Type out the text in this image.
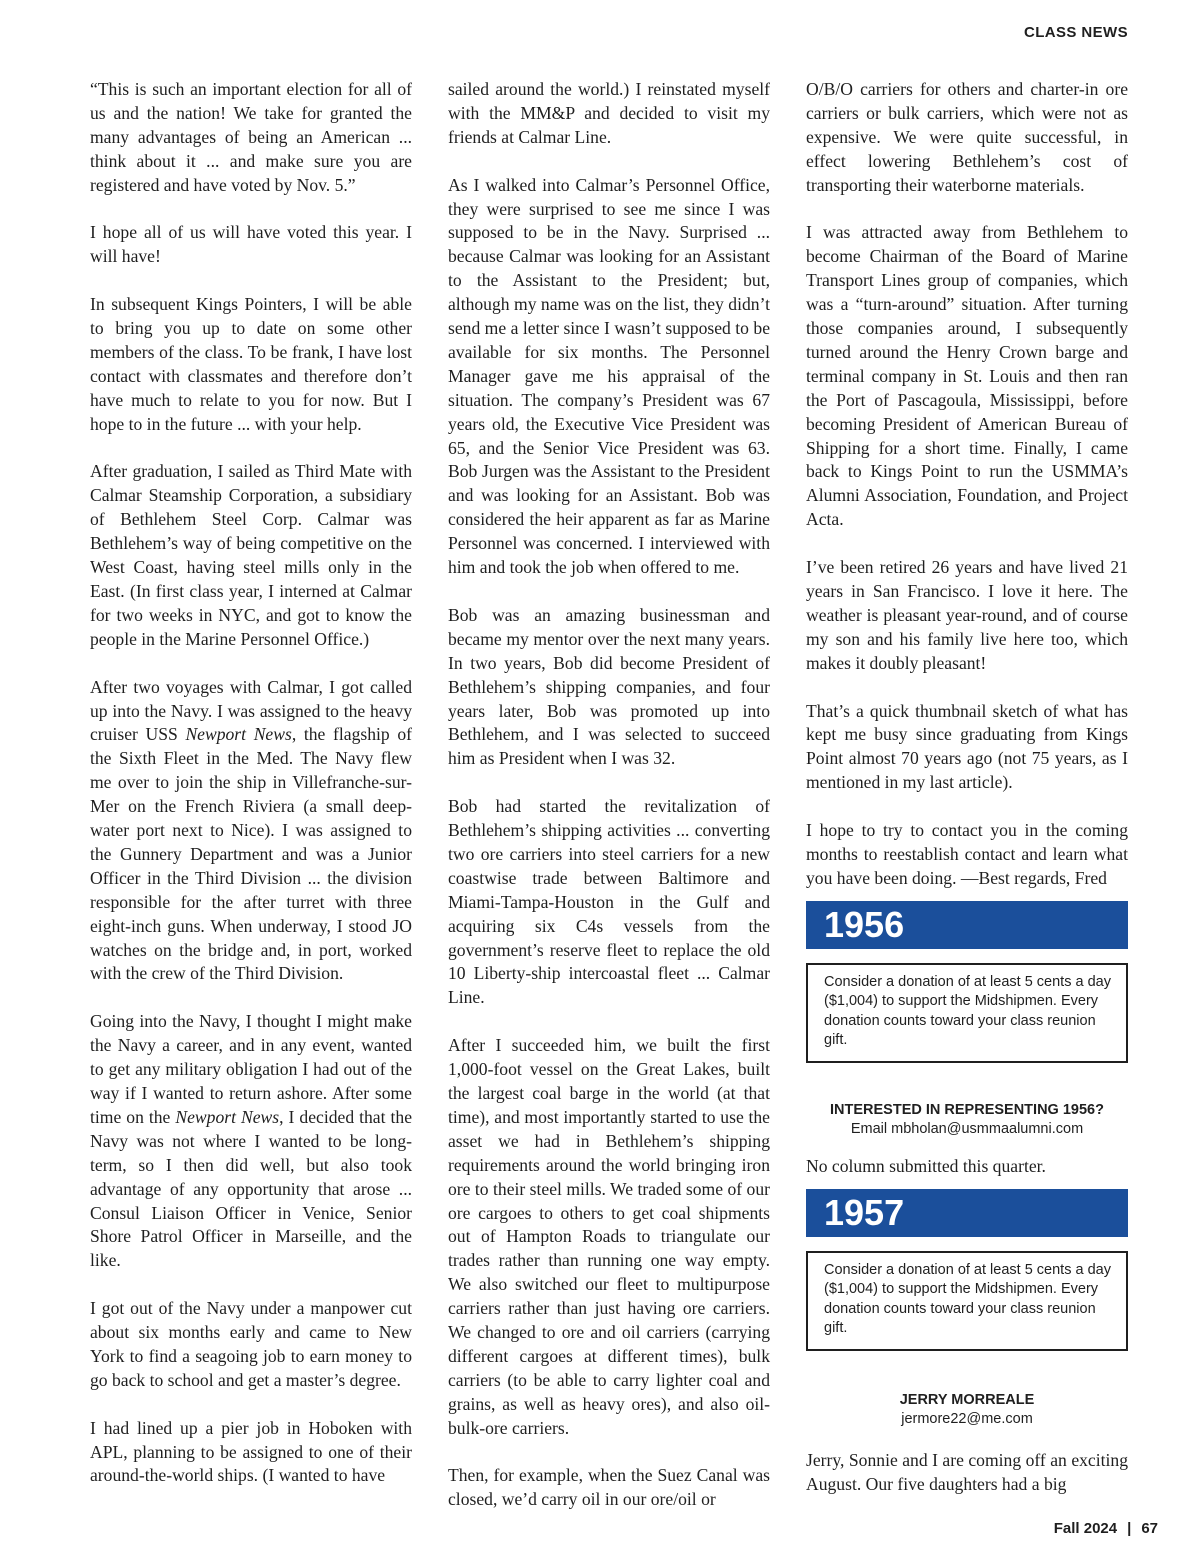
CLASS NEWS

“This is such an important election for all of us and the nation! We take for granted the many advantages of being an American ... think about it ... and make sure you are registered and have voted by Nov. 5.”

I hope all of us will have voted this year. I will have!

In subsequent Kings Pointers, I will be able to bring you up to date on some other members of the class. To be frank, I have lost contact with classmates and therefore don’t have much to relate to you for now. But I hope to in the future ... with your help.

After graduation, I sailed as Third Mate with Calmar Steamship Corporation, a subsidiary of Bethlehem Steel Corp. Calmar was Bethlehem’s way of being competitive on the West Coast, having steel mills only in the East. (In first class year, I interned at Calmar for two weeks in NYC, and got to know the people in the Marine Personnel Office.)

After two voyages with Calmar, I got called up into the Navy. I was assigned to the heavy cruiser USS Newport News, the flagship of the Sixth Fleet in the Med. The Navy flew me over to join the ship in Villefranche-sur-Mer on the French Riviera (a small deep-water port next to Nice). I was assigned to the Gunnery Department and was a Junior Officer in the Third Division ... the division responsible for the after turret with three eight-inch guns. When underway, I stood JO watches on the bridge and, in port, worked with the crew of the Third Division.

Going into the Navy, I thought I might make the Navy a career, and in any event, wanted to get any military obligation I had out of the way if I wanted to return ashore. After some time on the Newport News, I decided that the Navy was not where I wanted to be long-term, so I then did well, but also took advantage of any opportunity that arose ... Consul Liaison Officer in Venice, Senior Shore Patrol Officer in Marseille, and the like.

I got out of the Navy under a manpower cut about six months early and came to New York to find a seagoing job to earn money to go back to school and get a master’s degree.

I had lined up a pier job in Hoboken with APL, planning to be assigned to one of their around-the-world ships. (I wanted to have

sailed around the world.) I reinstated myself with the MM&P and decided to visit my friends at Calmar Line.

As I walked into Calmar’s Personnel Office, they were surprised to see me since I was supposed to be in the Navy. Surprised ... because Calmar was looking for an Assistant to the Assistant to the President; but, although my name was on the list, they didn’t send me a letter since I wasn’t supposed to be available for six months. The Personnel Manager gave me his appraisal of the situation. The company’s President was 67 years old, the Executive Vice President was 65, and the Senior Vice President was 63. Bob Jurgen was the Assistant to the President and was looking for an Assistant. Bob was considered the heir apparent as far as Marine Personnel was concerned. I interviewed with him and took the job when offered to me.

Bob was an amazing businessman and became my mentor over the next many years. In two years, Bob did become President of Bethlehem’s shipping companies, and four years later, Bob was promoted up into Bethlehem, and I was selected to succeed him as President when I was 32.

Bob had started the revitalization of Bethlehem’s shipping activities ... converting two ore carriers into steel carriers for a new coastwise trade between Baltimore and Miami-Tampa-Houston in the Gulf and acquiring six C4s vessels from the government’s reserve fleet to replace the old 10 Liberty-ship intercoastal fleet ... Calmar Line.

After I succeeded him, we built the first 1,000-foot vessel on the Great Lakes, built the largest coal barge in the world (at that time), and most importantly started to use the asset we had in Bethlehem’s shipping requirements around the world bringing iron ore to their steel mills. We traded some of our ore cargoes to others to get coal shipments out of Hampton Roads to triangulate our trades rather than running one way empty. We also switched our fleet to multipurpose carriers rather than just having ore carriers. We changed to ore and oil carriers (carrying different cargoes at different times), bulk carriers (to be able to carry lighter coal and grains, as well as heavy ores), and also oil-bulk-ore carriers.

Then, for example, when the Suez Canal was closed, we’d carry oil in our ore/oil or

O/B/O carriers for others and charter-in ore carriers or bulk carriers, which were not as expensive. We were quite successful, in effect lowering Bethlehem’s cost of transporting their waterborne materials.

I was attracted away from Bethlehem to become Chairman of the Board of Marine Transport Lines group of companies, which was a “turn-around” situation. After turning those companies around, I subsequently turned around the Henry Crown barge and terminal company in St. Louis and then ran the Port of Pascagoula, Mississippi, before becoming President of American Bureau of Shipping for a short time. Finally, I came back to Kings Point to run the USMMA’s Alumni Association, Foundation, and Project Acta.

I’ve been retired 26 years and have lived 21 years in San Francisco. I love it here. The weather is pleasant year-round, and of course my son and his family live here too, which makes it doubly pleasant!

That’s a quick thumbnail sketch of what has kept me busy since graduating from Kings Point almost 70 years ago (not 75 years, as I mentioned in my last article).

I hope to try to contact you in the coming months to reestablish contact and learn what you have been doing. —Best regards, Fred

1956
Consider a donation of at least 5 cents a day ($1,004) to support the Midshipmen. Every donation counts toward your class reunion gift.
INTERESTED IN REPRESENTING 1956?
Email mbholan@usmmaalumni.com

No column submitted this quarter.

1957
Consider a donation of at least 5 cents a day ($1,004) to support the Midshipmen. Every donation counts toward your class reunion gift.
JERRY MORREALE
jermore22@me.com

Jerry, Sonnie and I are coming off an exciting August. Our five daughters had a big

Fall 2024 | 67
